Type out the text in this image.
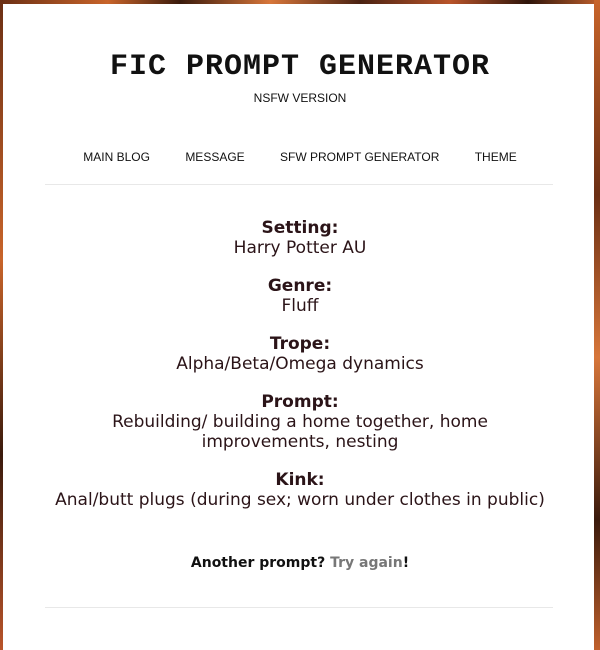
FIC PROMPT GENERATOR
NSFW VERSION
MAIN BLOG	MESSAGE	SFW PROMPT GENERATOR	THEME
Setting:
Harry Potter AU
Genre:
Fluff
Trope:
Alpha/Beta/Omega dynamics
Prompt:
Rebuilding/ building a home together, home improvements, nesting
Kink:
Anal/butt plugs (during sex; worn under clothes in public)
Another prompt? Try again!
